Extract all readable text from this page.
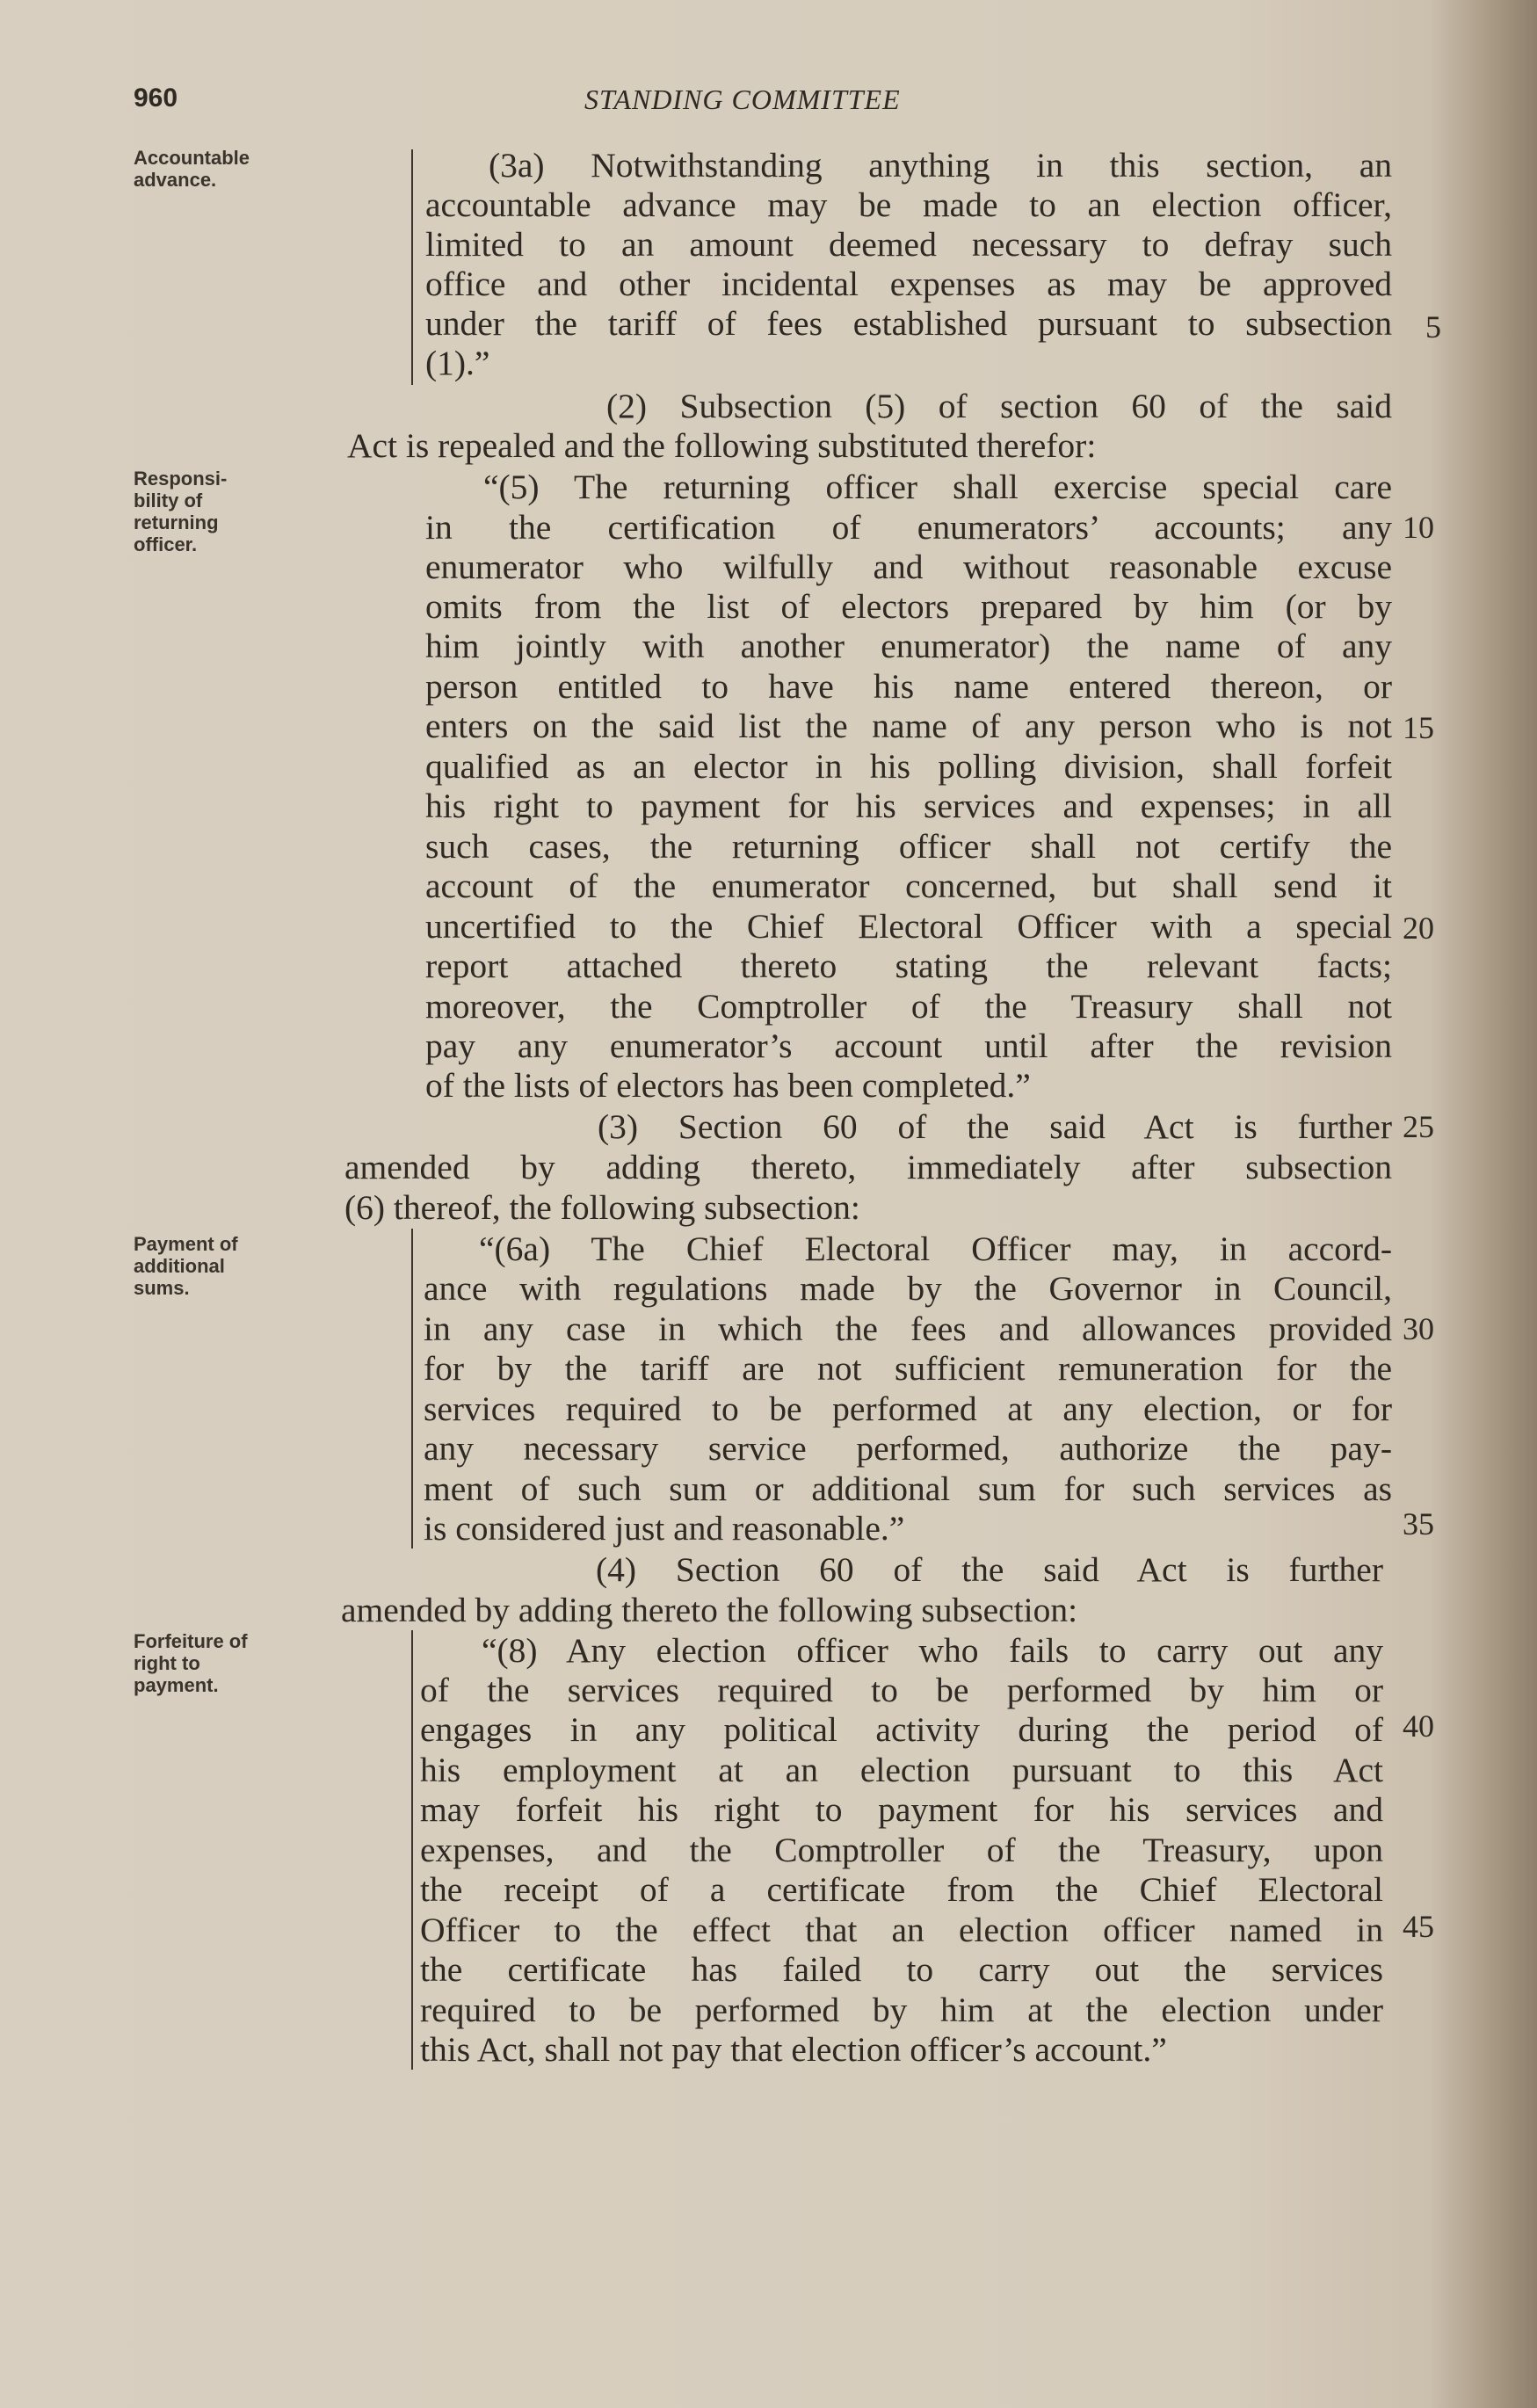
960	STANDING COMMITTEE
Accountable
advance.
Responsi-
bility of
returning
officer.
Payment of
additional
sums.
Forfeiture of
right to
payment.
(3a) Notwithstanding anything in this section, an
accountable advance may be made to an election officer,
limited to an amount deemed necessary to defray such
office and other incidental expenses as may be approved
under the tariff of fees established pursuant to subsection
(1).”
(2) Subsection (5) of section 60 of the said
Act is repealed and the following substituted therefor:
“(5) The returning officer shall exercise special care
in the certification of enumerators’ accounts; any
enumerator who wilfully and without reasonable excuse
omits from the list of electors prepared by him (or by
him jointly with another enumerator) the name of any
person entitled to have his name entered thereon, or
enters on the said list the name of any person who is not
qualified as an elector in his polling division, shall forfeit
his right to payment for his services and expenses; in all
such cases, the returning officer shall not certify the
account of the enumerator concerned, but shall send it
uncertified to the Chief Electoral Officer with a special
report attached thereto stating the relevant facts;
moreover, the Comptroller of the Treasury shall not
pay any enumerator’s account until after the revision
of the lists of electors has been completed.”
(3) Section 60 of the said Act is further
amended by adding thereto, immediately after subsection
(6) thereof, the following subsection:
“(6a) The Chief Electoral Officer may, in accord-
ance with regulations made by the Governor in Council,
in any case in which the fees and allowances provided
for by the tariff are not sufficient remuneration for the
services required to be performed at any election, or for
any necessary service performed, authorize the pay-
ment of such sum or additional sum for such services as
is considered just and reasonable.”
(4) Section 60 of the said Act is further
amended by adding thereto the following subsection:
“(8) Any election officer who fails to carry out any
of the services required to be performed by him or
engages in any political activity during the period of
his employment at an election pursuant to this Act
may forfeit his right to payment for his services and
expenses, and the Comptroller of the Treasury, upon
the receipt of a certificate from the Chief Electoral
Officer to the effect that an election officer named in
the certificate has failed to carry out the services
required to be performed by him at the election under
this Act, shall not pay that election officer’s account.”
5
10
15
20
25
30
35
40
45
